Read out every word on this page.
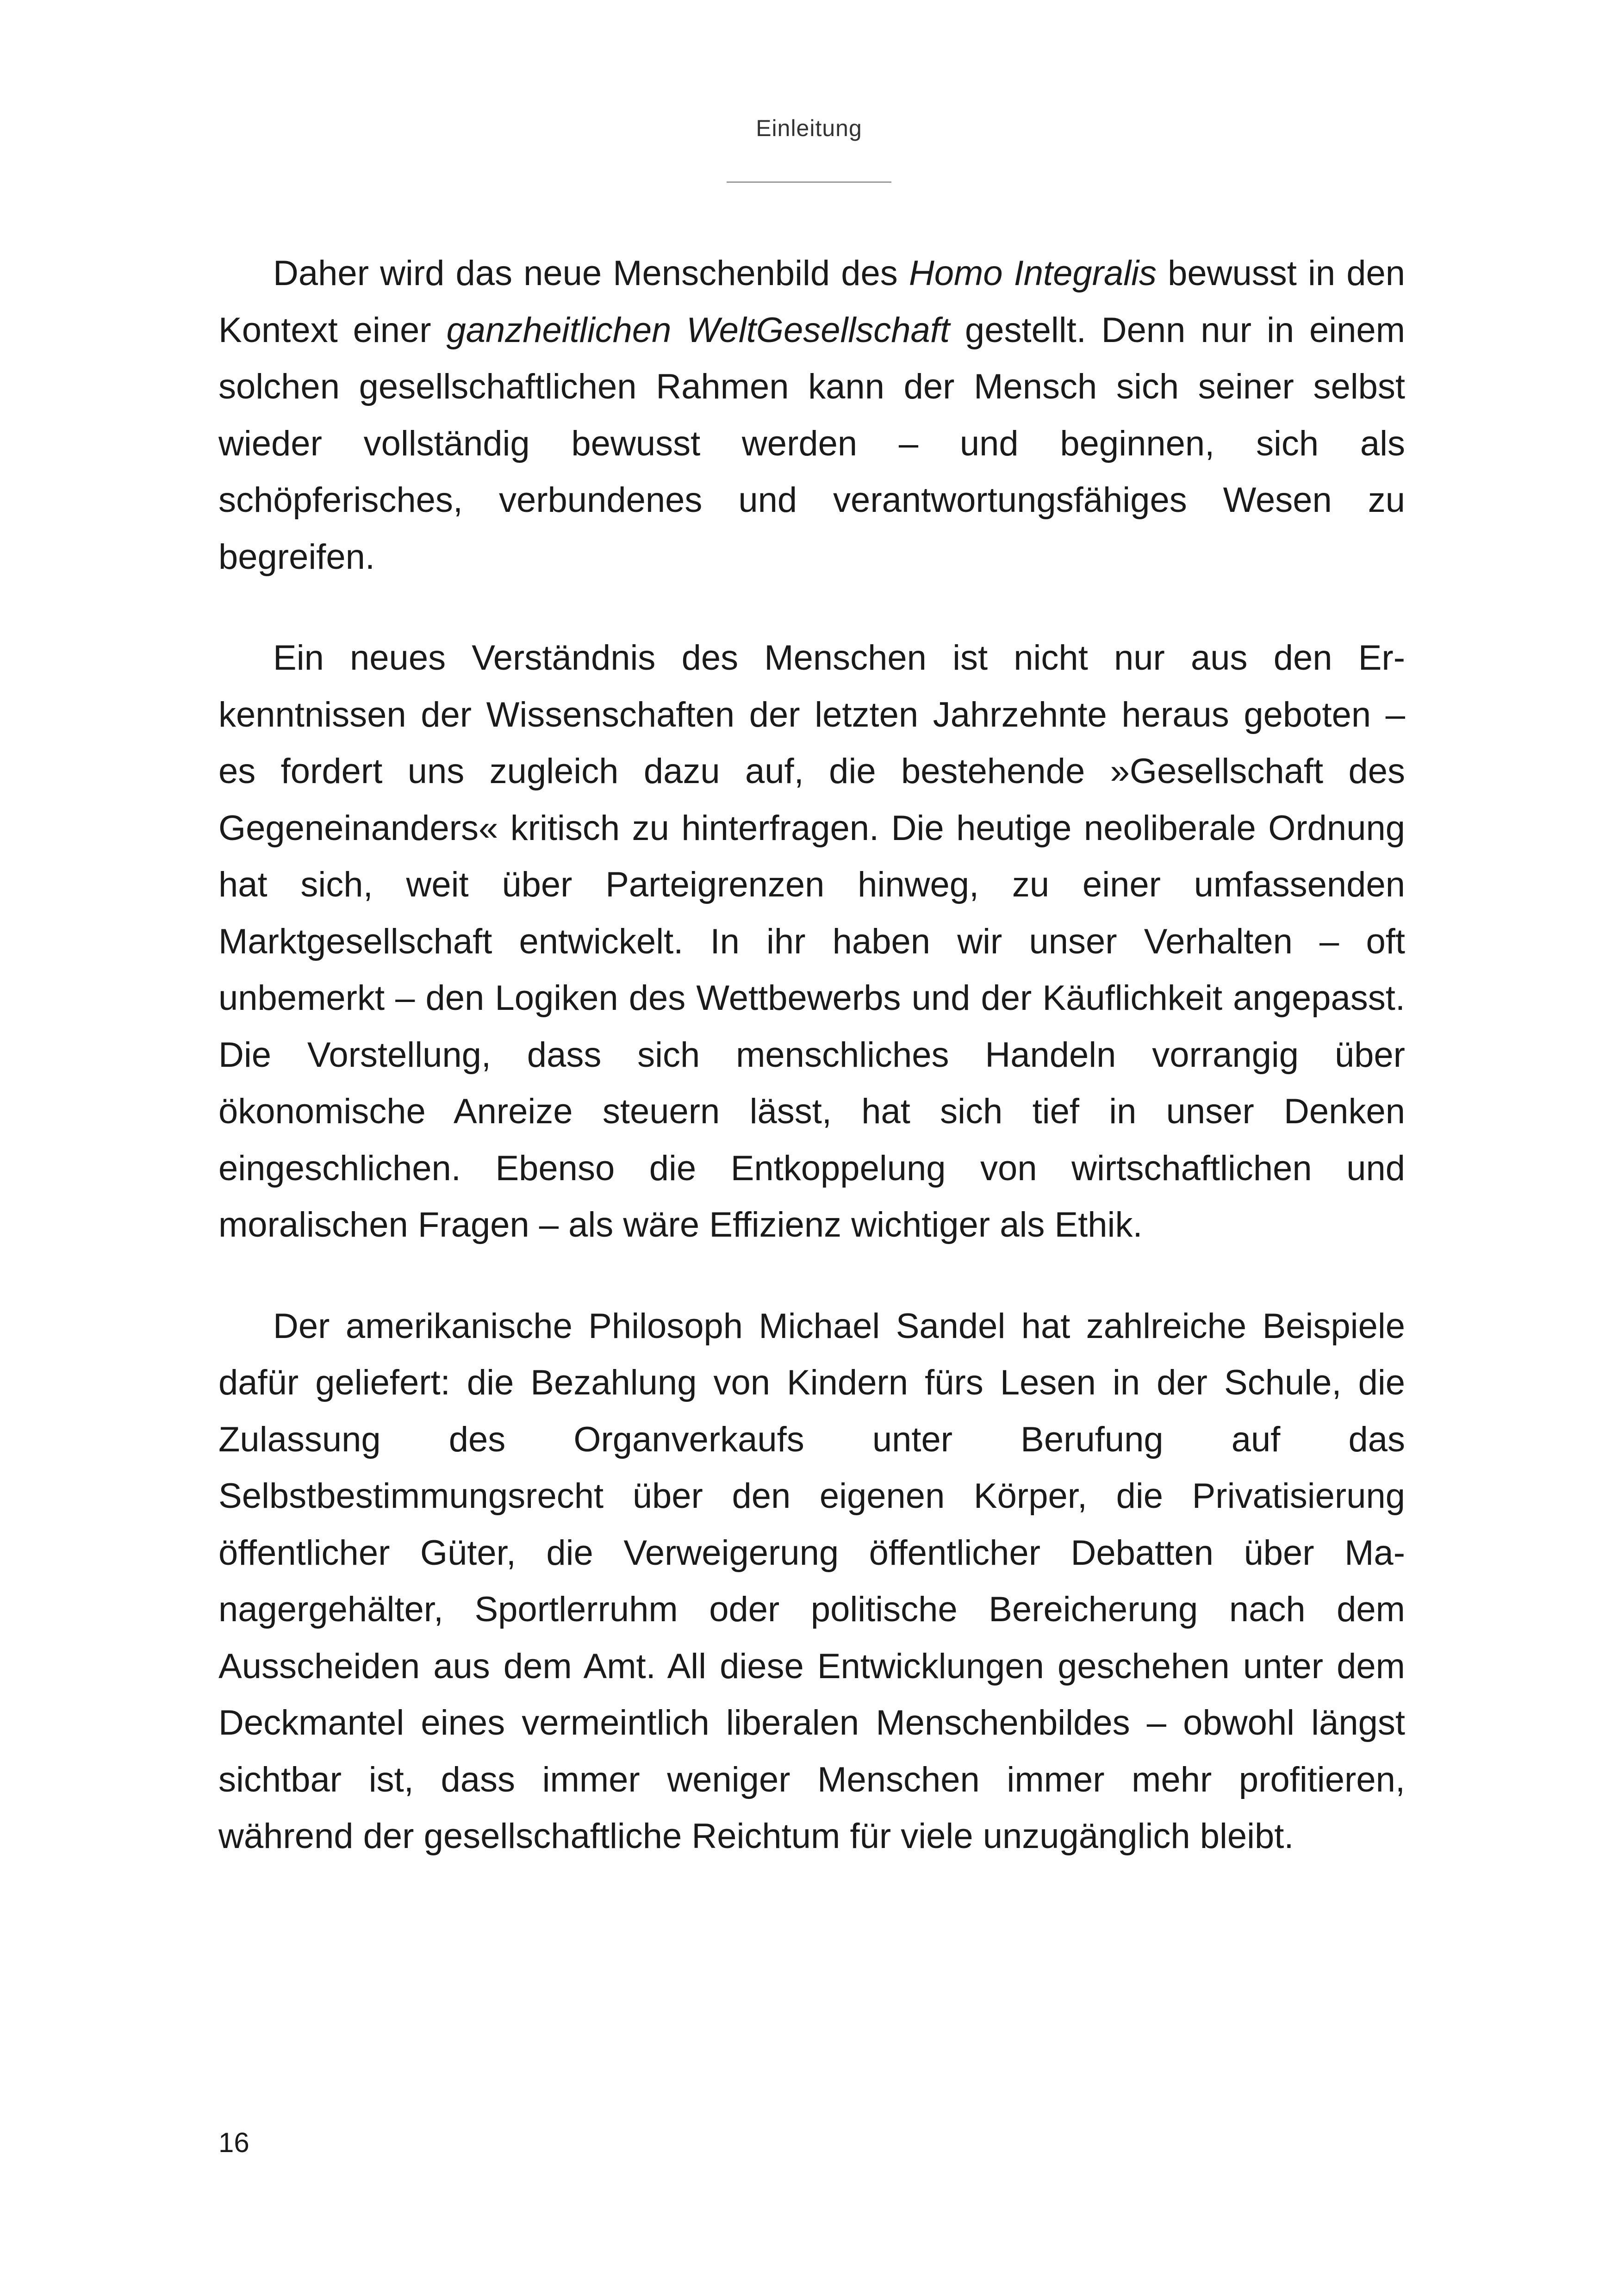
Einleitung

Daher wird das neue Menschenbild des Homo Integralis bewusst in den Kontext einer ganzheitlichen WeltGesellschaft gestellt. Denn nur in einem solchen gesellschaftlichen Rahmen kann der Mensch sich seiner selbst wieder vollständig bewusst werden – und beginnen, sich als schöpferisches, verbundenes und verantwortungsfähiges Wesen zu begreifen.

Ein neues Verständnis des Menschen ist nicht nur aus den Erkenntnissen der Wissenschaften der letzten Jahrzehnte heraus geboten – es fordert uns zugleich dazu auf, die bestehende »Gesellschaft des Gegeneinanders« kritisch zu hinterfragen. Die heutige neoliberale Ordnung hat sich, weit über Parteigrenzen hinweg, zu einer umfassenden Marktgesellschaft entwickelt. In ihr haben wir unser Verhalten – oft unbemerkt – den Logiken des Wettbewerbs und der Käuflichkeit angepasst. Die Vorstellung, dass sich menschliches Handeln vorrangig über ökonomische Anreize steuern lässt, hat sich tief in unser Denken eingeschlichen. Ebenso die Entkoppelung von wirtschaftlichen und moralischen Fragen – als wäre Effizienz wichtiger als Ethik.

Der amerikanische Philosoph Michael Sandel hat zahlreiche Beispiele dafür geliefert: die Bezahlung von Kindern fürs Lesen in der Schule, die Zulassung des Organverkaufs unter Berufung auf das Selbstbestimmungsrecht über den eigenen Körper, die Privatisierung öffentlicher Güter, die Verweigerung öffentlicher Debatten über Managergehälter, Sportlerruhm oder politische Bereicherung nach dem Ausscheiden aus dem Amt. All diese Entwicklungen geschehen unter dem Deckmantel eines vermeintlich liberalen Menschenbildes – obwohl längst sichtbar ist, dass immer weniger Menschen immer mehr profitieren, während der gesellschaftliche Reichtum für viele unzugänglich bleibt.

16
